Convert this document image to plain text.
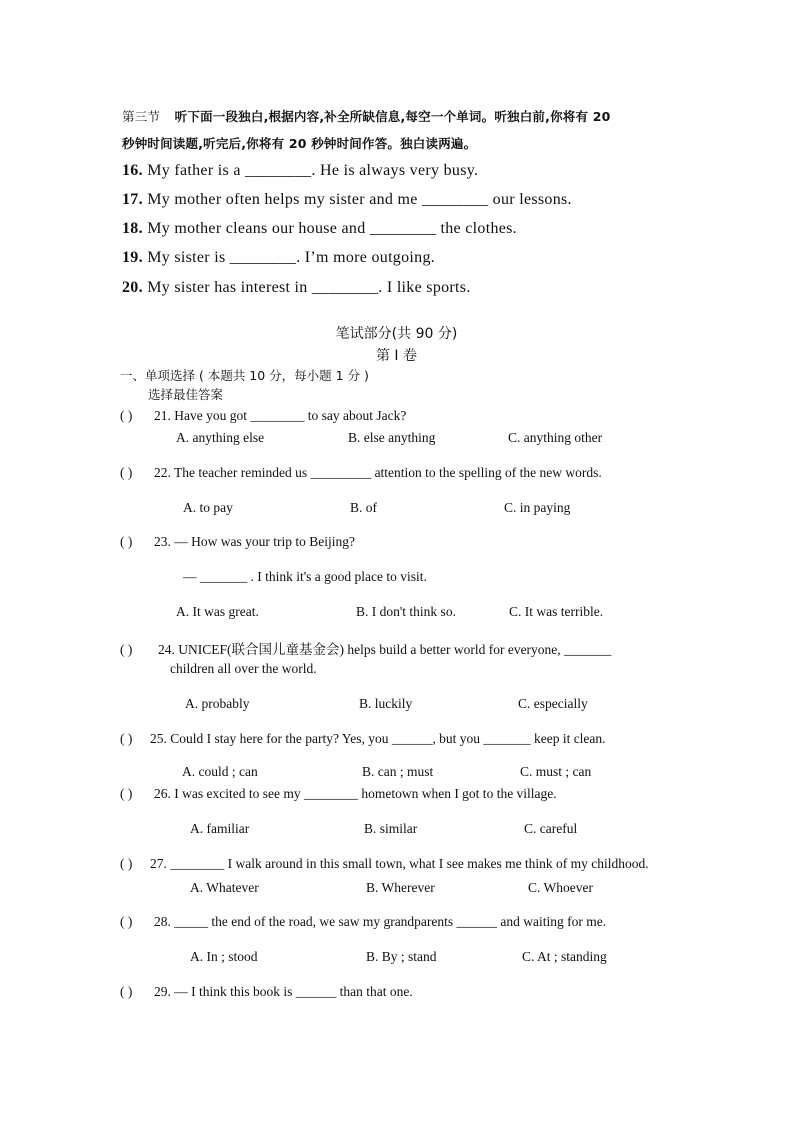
第三节 听下面一段独白,根据内容,补全所缺信息,每空一个单词。听独白前,你将有 20
秒钟时间读题,听完后,你将有 20 秒钟时间作答。独白读两遍。
16. My father is a ________. He is always very busy.
17. My mother often helps my sister and me ________ our lessons.
18. My mother cleans our house and ________ the clothes.
19. My sister is ________. I’m more outgoing.
20. My sister has interest in ________. I like sports.
笔试部分(共 90 分)
第 I 卷
一、单项选择 ( 本题共 10 分，每小题 1 分 )
选择最佳答案
( ) 21. Have you got ________ to say about Jack?
A. anything else	B. else anything	C. anything other
( ) 22. The teacher reminded us _________ attention to the spelling of the new words.
A. to pay	B. of	C. in paying
( ) 23. — How was your trip to Beijing?
— _______ . I think it's a good place to visit.
A. It was great.	B. I don't think so.	C. It was terrible.
( ) 24. UNICEF(联合国儿童基金会) helps build a better world for everyone, _______
children all over the world.
A. probably	B. luckily	C. especially
( ) 25. Could I stay here for the party? Yes, you ______, but you _______ keep it clean.
A. could ; can	B. can ; must	C. must ; can
( ) 26. I was excited to see my ________ hometown when I got to the village.
A. familiar	B. similar	C. careful
( ) 27. ________ I walk around in this small town, what I see makes me think of my childhood.
A. Whatever	B. Wherever	C. Whoever
( ) 28. _____ the end of the road, we saw my grandparents ______ and waiting for me.
A. In ; stood	B. By ; stand	C. At ; standing
( ) 29. — I think this book is ______ than that one.
